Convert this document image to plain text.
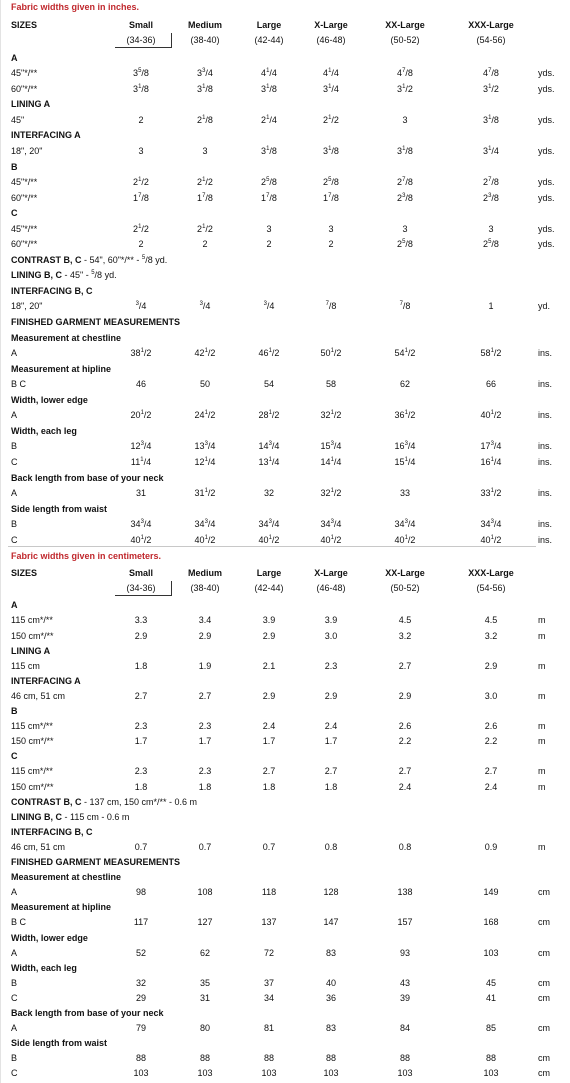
Fabric widths given in inches.
SIZES	Small	Medium	Large	X-Large	XX-Large	XXX-Large
(34-36)	(38-40)	(42-44)	(46-48)	(50-52)	(54-56)
A
45"*/**	$3^5/8$	$3^3/4$	$4^1/4$	$4^1/4$	$4^7/8$	$4^7/8$	yds.
60"*/**	$3^1/8$	$3^1/8$	$3^1/8$	$3^1/4$	$3^1/2$	$3^1/2$	yds.
LINING A
45"	2	$2^1/8$	$2^1/4$	$2^1/2$	3	$3^1/8$	yds.
INTERFACING A
18", 20"	3	3	$3^1/8$	$3^1/8$	$3^1/8$	$3^1/4$	yds.
B
45"*/**	$2^1/2$	$2^1/2$	$2^5/8$	$2^5/8$	$2^7/8$	$2^7/8$	yds.
60"*/**	$1^7/8$	$1^7/8$	$1^7/8$	$1^7/8$	$2^3/8$	$2^3/8$	yds.
C
45"*/**	$2^1/2$	$2^1/2$	3	3	3	3	yds.
60"*/**	2	2	2	2	$2^5/8$	$2^5/8$	yds.
CONTRAST B, C - 54", 60"*/** - $^5$/8 yd.
LINING B, C - 45" - $^5$/8 yd.
INTERFACING B, C
18", 20"	$^3$/4	$^3$/4	$^3$/4	$^7$/8	$^7$/8	1	yd.
FINISHED GARMENT MEASUREMENTS
Measurement at chestline
A	$38^1/2$	$42^1/2$	$46^1/2$	$50^1/2$	$54^1/2$	$58^1/2$	ins.
Measurement at hipline
B C	46	50	54	58	62	66	ins.
Width, lower edge
A	$20^1/2$	$24^1/2$	$28^1/2$	$32^1/2$	$36^1/2$	$40^1/2$	ins.
Width, each leg
B	$12^3/4$	$13^3/4$	$14^3/4$	$15^3/4$	$16^3/4$	$17^3/4$	ins.
C	$11^1/4$	$12^1/4$	$13^1/4$	$14^1/4$	$15^1/4$	$16^1/4$	ins.
Back length from base of your neck
A	31	$31^1/2$	32	$32^1/2$	33	$33^1/2$	ins.
Side length from waist
B	$34^3/4$	$34^3/4$	$34^3/4$	$34^3/4$	$34^3/4$	$34^3/4$	ins.
C	$40^1/2$	$40^1/2$	$40^1/2$	$40^1/2$	$40^1/2$	$40^1/2$	ins.
Fabric widths given in centimeters.
SIZES	Small	Medium	Large	X-Large	XX-Large	XXX-Large
(34-36)	(38-40)	(42-44)	(46-48)	(50-52)	(54-56)
A
115 cm*/**	3.3	3.4	3.9	3.9	4.5	4.5	m
150 cm*/**	2.9	2.9	2.9	3.0	3.2	3.2	m
LINING A
115 cm	1.8	1.9	2.1	2.3	2.7	2.9	m
INTERFACING A
46 cm, 51 cm	2.7	2.7	2.9	2.9	2.9	3.0	m
B
115 cm*/**	2.3	2.3	2.4	2.4	2.6	2.6	m
150 cm*/**	1.7	1.7	1.7	1.7	2.2	2.2	m
C
115 cm*/**	2.3	2.3	2.7	2.7	2.7	2.7	m
150 cm*/**	1.8	1.8	1.8	1.8	2.4	2.4	m
CONTRAST B, C - 137 cm, 150 cm*/** - 0.6 m
LINING B, C - 115 cm - 0.6 m
INTERFACING B, C
46 cm, 51 cm	0.7	0.7	0.7	0.8	0.8	0.9	m
FINISHED GARMENT MEASUREMENTS
Measurement at chestline
A	98	108	118	128	138	149	cm
Measurement at hipline
B C	117	127	137	147	157	168	cm
Width, lower edge
A	52	62	72	83	93	103	cm
Width, each leg
B	32	35	37	40	43	45	cm
C	29	31	34	36	39	41	cm
Back length from base of your neck
A	79	80	81	83	84	85	cm
Side length from waist
B	88	88	88	88	88	88	cm
C	103	103	103	103	103	103	cm
